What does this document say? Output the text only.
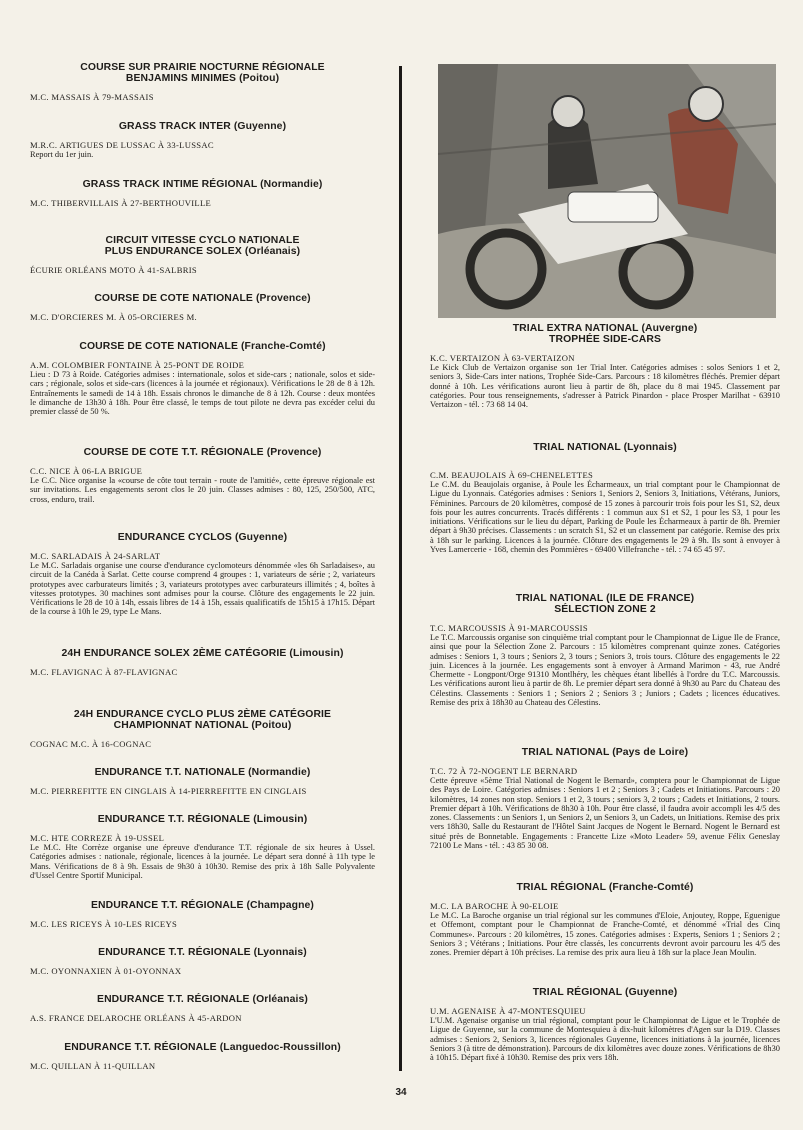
COURSE SUR PRAIRIE NOCTURNE RÉGIONALE
BENJAMINS MINIMES (Poitou)
M.C. MASSAIS À 79-MASSAIS
GRASS TRACK INTER (Guyenne)
M.R.C. ARTIGUES DE LUSSAC À 33-LUSSAC

Report du 1er juin.

GRASS TRACK INTIME RÉGIONAL (Normandie)
M.C. THIBERVILLAIS À 27-BERTHOUVILLE
CIRCUIT VITESSE CYCLO NATIONALE
PLUS ENDURANCE SOLEX (Orléanais)
ÉCURIE ORLÉANS MOTO À 41-SALBRIS
COURSE DE COTE NATIONALE (Provence)
M.C. D'ORCIERES M. À 05-ORCIERES M.
COURSE DE COTE NATIONALE (Franche-Comté)
A.M. COLOMBIER FONTAINE À 25-PONT DE ROIDE

Lieu : D 73 à Roide. Catégories admises : internationale, solos et side-cars ; nationale, solos et side-cars ; régionale, solos et side-cars (licences à la journée et régionaux). Vérifications le 28 de 8 à 12h. Entraînements le samedi de 14 à 18h. Essais chronos le dimanche de 8 à 12h. Course : deux montées le dimanche de 13h30 à 18h. Pour être classé, le temps de tout pilote ne devra pas excéder celui du premier classé de 50 %.

COURSE DE COTE T.T. RÉGIONALE (Provence)
C.C. NICE À 06-LA BRIGUE

Le C.C. Nice organise la «course de côte tout terrain - route de l'amitié», cette épreuve régionale est sur invitations. Les engagements seront clos le 20 juin. Classes admises : 80, 125, 250/500, ATC, cross, enduro, trail.

ENDURANCE CYCLOS (Guyenne)
M.C. SARLADAIS À 24-SARLAT

Le M.C. Sarladais organise une course d'endurance cyclomoteurs dénommée «les 6h Sarladaises», au circuit de la Canéda à Sarlat. Cette course comprend 4 groupes : 1, variateurs de série ; 2, variateurs prototypes avec carburateurs limités ; 3, variateurs prototypes avec carburateurs illimités ; 4, boîtes à vitesses prototypes. 30 machines sont admises pour la course. Clôture des engagements le 22 juin. Vérifications le 28 de 10 à 14h, essais libres de 14 à 15h, essais qualificatifs de 15h15 à 17h15. Départ de la course à 10h le 29, type Le Mans.

24H ENDURANCE SOLEX 2ÈME CATÉGORIE (Limousin)
M.C. FLAVIGNAC À 87-FLAVIGNAC
24H ENDURANCE CYCLO PLUS 2ÈME CATÉGORIE
CHAMPIONNAT NATIONAL (Poitou)
COGNAC M.C. À 16-COGNAC
ENDURANCE T.T. NATIONALE (Normandie)
M.C. PIERREFITTE EN CINGLAIS À 14-PIERREFITTE EN CINGLAIS
ENDURANCE T.T. RÉGIONALE (Limousin)
M.C. HTE CORREZE À 19-USSEL

Le M.C. Hte Corrèze organise une épreuve d'endurance T.T. régionale de six heures à Ussel. Catégories admises : nationale, régionale, licences à la journée. Le départ sera donné à 11h type le Mans. Vérifications de 8 à 9h. Essais de 9h30 à 10h30. Remise des prix à 18h Salle Polyvalente d'Ussel Centre Sportif Municipal.

ENDURANCE T.T. RÉGIONALE (Champagne)
M.C. LES RICEYS À 10-LES RICEYS
ENDURANCE T.T. RÉGIONALE (Lyonnais)
M.C. OYONNAXIEN À 01-OYONNAX
ENDURANCE T.T. RÉGIONALE (Orléanais)
A.S. FRANCE DELAROCHE ORLÉANS À 45-ARDON
ENDURANCE T.T. RÉGIONALE (Languedoc-Roussillon)
M.C. QUILLAN À 11-QUILLAN
TRIAL EXTRA NATIONAL (Auvergne)
TROPHÉE SIDE-CARS
K.C. VERTAIZON À 63-VERTAIZON

Le Kick Club de Vertaizon organise son 1er Trial Inter. Catégories admises : solos Seniors 1 et 2, seniors 3, Side-Cars inter nations, Trophée Side-Cars. Parcours : 18 kilomètres fléchés. Premier départ donné à 10h. Les vérifications auront lieu à partir de 8h, place du 8 mai 1945. Classement par catégories. Pour tous renseignements, s'adresser à Patrick Pinardon - place Prosper Marilhat - 63910 Vertaizon - tél. : 73 68 14 04.

TRIAL NATIONAL (Lyonnais)
C.M. BEAUJOLAIS À 69-CHENELETTES

Le C.M. du Beaujolais organise, à Poule les Écharmeaux, un trial comptant pour le Championnat de Ligue du Lyonnais. Catégories admises : Seniors 1, Seniors 2, Seniors 3, Initiations, Vétérans, Juniors, Féminines. Parcours de 20 kilomètres, composé de 15 zones à parcourir trois fois pour les S1, S2, deux fois pour les autres concurrents. Tracés différents : 1 commun aux S1 et S2, 1 pour les S3, 1 pour les initiations. Vérifications sur le lieu du départ, Parking de Poule les Écharmeaux à partir de 8h. Premier départ à 9h30 précises. Classements : un scratch S1, S2 et un classement par catégorie. Remise des prix à 18h sur le parking. Licences à la journée. Clôture des engagements le 29 à 9h. Ils sont à envoyer à Yves Lamercerie - 168, chemin des Pommières - 69400 Villefranche - tél. : 74 65 45 97.

TRIAL NATIONAL (ILE DE FRANCE)
SÉLECTION ZONE 2
T.C. MARCOUSSIS À 91-MARCOUSSIS

Le T.C. Marcoussis organise son cinquième trial comptant pour le Championnat de Ligue Ile de France, ainsi que pour la Sélection Zone 2. Parcours : 15 kilomètres comprenant quinze zones. Catégories admises : Seniors 1, 3 tours ; Seniors 2, 3 tours ; Seniors 3, trois tours. Clôture des engagements le 22 juin. Licences à la journée. Les engagements sont à envoyer à Armand Marimon - 43, rue André Chermette - Longpont/Orge 91310 Montlhéry, les chèques étant libellés à l'ordre du T.C. Marcoussis. Les vérifications auront lieu à partir de 8h. Le premier départ sera donné à 9h30 au Parc du Chateau des Célestins. Classements : Seniors 1 ; Seniors 2 ; Seniors 3 ; Juniors ; Cadets ; licences éducatives. Remise des prix à 18h30 au Chateau des Célestins.

TRIAL NATIONAL (Pays de Loire)
T.C. 72 À 72-NOGENT LE BERNARD

Cette épreuve «5ème Trial National de Nogent le Bernard», comptera pour le Championnat de Ligue des Pays de Loire. Catégories admises : Seniors 1 et 2 ; Seniors 3 ; Cadets et Initiations. Parcours : 20 kilomètres, 14 zones non stop. Seniors 1 et 2, 3 tours ; seniors 3, 2 tours ; Cadets et Initiations, 2 tours. Premier départ à 10h. Vérifications de 8h30 à 10h. Pour être classé, il faudra avoir accompli les 4/5 des zones. Classements : un Seniors 1, un Seniors 2, un Seniors 3, un Cadets, un Initiations. Remise des prix vers 18h30, Salle du Restaurant de l'Hôtel Saint Jacques de Nogent le Bernard. Nogent le Bernard est situé près de Bonnetable. Engagements : Francette Lize «Moto Leader» 59, avenue Félix Geneslay 72100 Le Mans - tél. : 43 85 30 08.

TRIAL RÉGIONAL (Franche-Comté)
M.C. LA BAROCHE À 90-ELOIE

Le M.C. La Baroche organise un trial régional sur les communes d'Eloie, Anjoutey, Roppe, Eguenigue et Offemont, comptant pour le Championnat de Franche-Comté, et dénommé «Trial des Cinq Communes». Parcours : 20 kilomètres, 15 zones. Catégories admises : Experts, Seniors 1 ; Seniors 2 ; Seniors 3 ; Vétérans ; Initiations. Pour être classés, les concurrents devront avoir parcouru les 4/5 des zones. Premier départ à 10h précises. La remise des prix aura lieu à 18h sur la place Jean Moulin.

TRIAL RÉGIONAL (Guyenne)
U.M. AGENAISE À 47-MONTESQUIEU

L'U.M. Agenaise organise un trial régional, comptant pour le Championnat de Ligue et le Trophée de Ligue de Guyenne, sur la commune de Montesquieu à dix-huit kilomètres d'Agen sur la D19. Classes admises : Seniors 2, Seniors 3, licences régionales Guyenne, licences initiations à la journée, licences Seniors 3 (à titre de démonstration). Parcours de dix kilomètres avec douze zones. Vérifications de 8h30 à 10h15. Départ fixé à 10h30. Remise des prix vers 18h.

34
